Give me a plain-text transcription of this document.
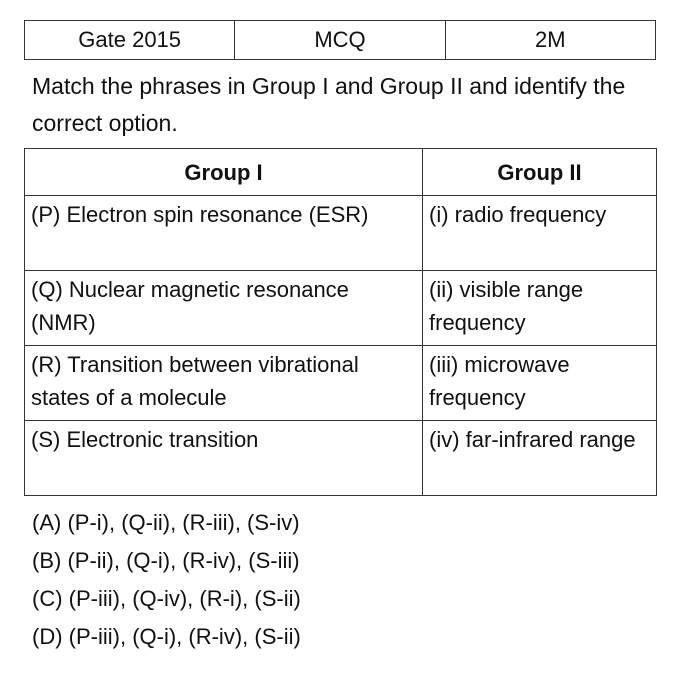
Gate 2015	MCQ	2M

Match the phrases in Group I and Group II and identify the correct option.

Group I	Group II
(P) Electron spin resonance (ESR)	(i) radio frequency
(Q) Nuclear magnetic resonance (NMR)	(ii) visible range frequency
(R) Transition between vibrational states of a molecule	(iii) microwave frequency
(S) Electronic transition	(iv) far-infrared range
(A) (P-i), (Q-ii), (R-iii), (S-iv)
(B) (P-ii), (Q-i), (R-iv), (S-iii)
(C) (P-iii), (Q-iv), (R-i), (S-ii)
(D) (P-iii), (Q-i), (R-iv), (S-ii)
